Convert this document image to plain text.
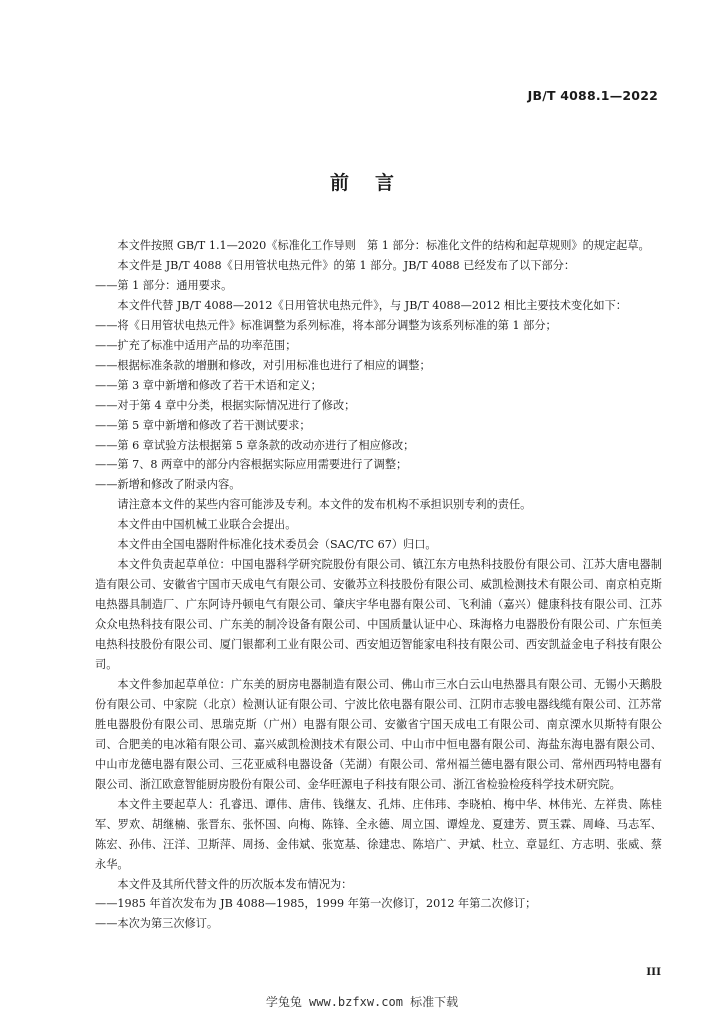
JB/T 4088.1—2022
前言

本文件按照 GB/T 1.1—2020《标准化工作导则　第 1 部分：标准化文件的结构和起草规则》的规定起草。

本文件是 JB/T 4088《日用管状电热元件》的第 1 部分。JB/T 4088 已经发布了以下部分：

——第 1 部分：通用要求。

本文件代替 JB/T 4088—2012《日用管状电热元件》，与 JB/T 4088—2012 相比主要技术变化如下：

——将《日用管状电热元件》标准调整为系列标准，将本部分调整为该系列标准的第 1 部分；

——扩充了标准中适用产品的功率范围；

——根据标准条款的增删和修改，对引用标准也进行了相应的调整；

——第 3 章中新增和修改了若干术语和定义；

——对于第 4 章中分类，根据实际情况进行了修改；

——第 5 章中新增和修改了若干测试要求；

——第 6 章试验方法根据第 5 章条款的改动亦进行了相应修改；

——第 7、8 两章中的部分内容根据实际应用需要进行了调整；

——新增和修改了附录内容。

请注意本文件的某些内容可能涉及专利。本文件的发布机构不承担识别专利的责任。

本文件由中国机械工业联合会提出。

本文件由全国电器附件标准化技术委员会（SAC/TC 67）归口。

本文件负责起草单位：中国电器科学研究院股份有限公司、镇江东方电热科技股份有限公司、江苏大唐电器制造有限公司、安徽省宁国市天成电气有限公司、安徽苏立科技股份有限公司、威凯检测技术有限公司、南京柏克斯电热器具制造厂、广东阿诗丹顿电气有限公司、肇庆宇华电器有限公司、飞利浦（嘉兴）健康科技有限公司、江苏众众电热科技有限公司、广东美的制冷设备有限公司、中国质量认证中心、珠海格力电器股份有限公司、广东恒美电热科技股份有限公司、厦门银都利工业有限公司、西安旭迈智能家电科技有限公司、西安凯益金电子科技有限公司。

本文件参加起草单位：广东美的厨房电器制造有限公司、佛山市三水白云山电热器具有限公司、无锡小天鹅股份有限公司、中家院（北京）检测认证有限公司、宁波比依电器有限公司、江阴市志骏电器线缆有限公司、江苏常胜电器股份有限公司、思瑞克斯（广州）电器有限公司、安徽省宁国天成电工有限公司、南京溧水贝斯特有限公司、合肥美的电冰箱有限公司、嘉兴威凯检测技术有限公司、中山市中恒电器有限公司、海盐东海电器有限公司、中山市龙德电器有限公司、三花亚威科电器设备（芜湖）有限公司、常州福兰德电器有限公司、常州西玛特电器有限公司、浙江欧意智能厨房股份有限公司、金华旺源电子科技有限公司、浙江省检验检疫科学技术研究院。

本文件主要起草人：孔睿迅、谭伟、唐伟、钱继友、孔炜、庄伟玮、李晓柏、梅中华、林伟光、左祥贵、陈桂军、罗欢、胡继楠、张晋东、张怀国、向梅、陈锋、全永德、周立国、谭煌龙、夏建芳、贾玉霖、周峰、马志军、陈宏、孙伟、汪洋、卫斯萍、周扬、金伟斌、张宽基、徐建忠、陈培广、尹斌、杜立、章显红、方志明、张威、蔡永华。

本文件及其所代替文件的历次版本发布情况为：

——1985 年首次发布为 JB 4088—1985，1999 年第一次修订，2012 年第二次修订；

——本次为第三次修订。

III
学兔兔 www.bzfxw.com 标准下载
